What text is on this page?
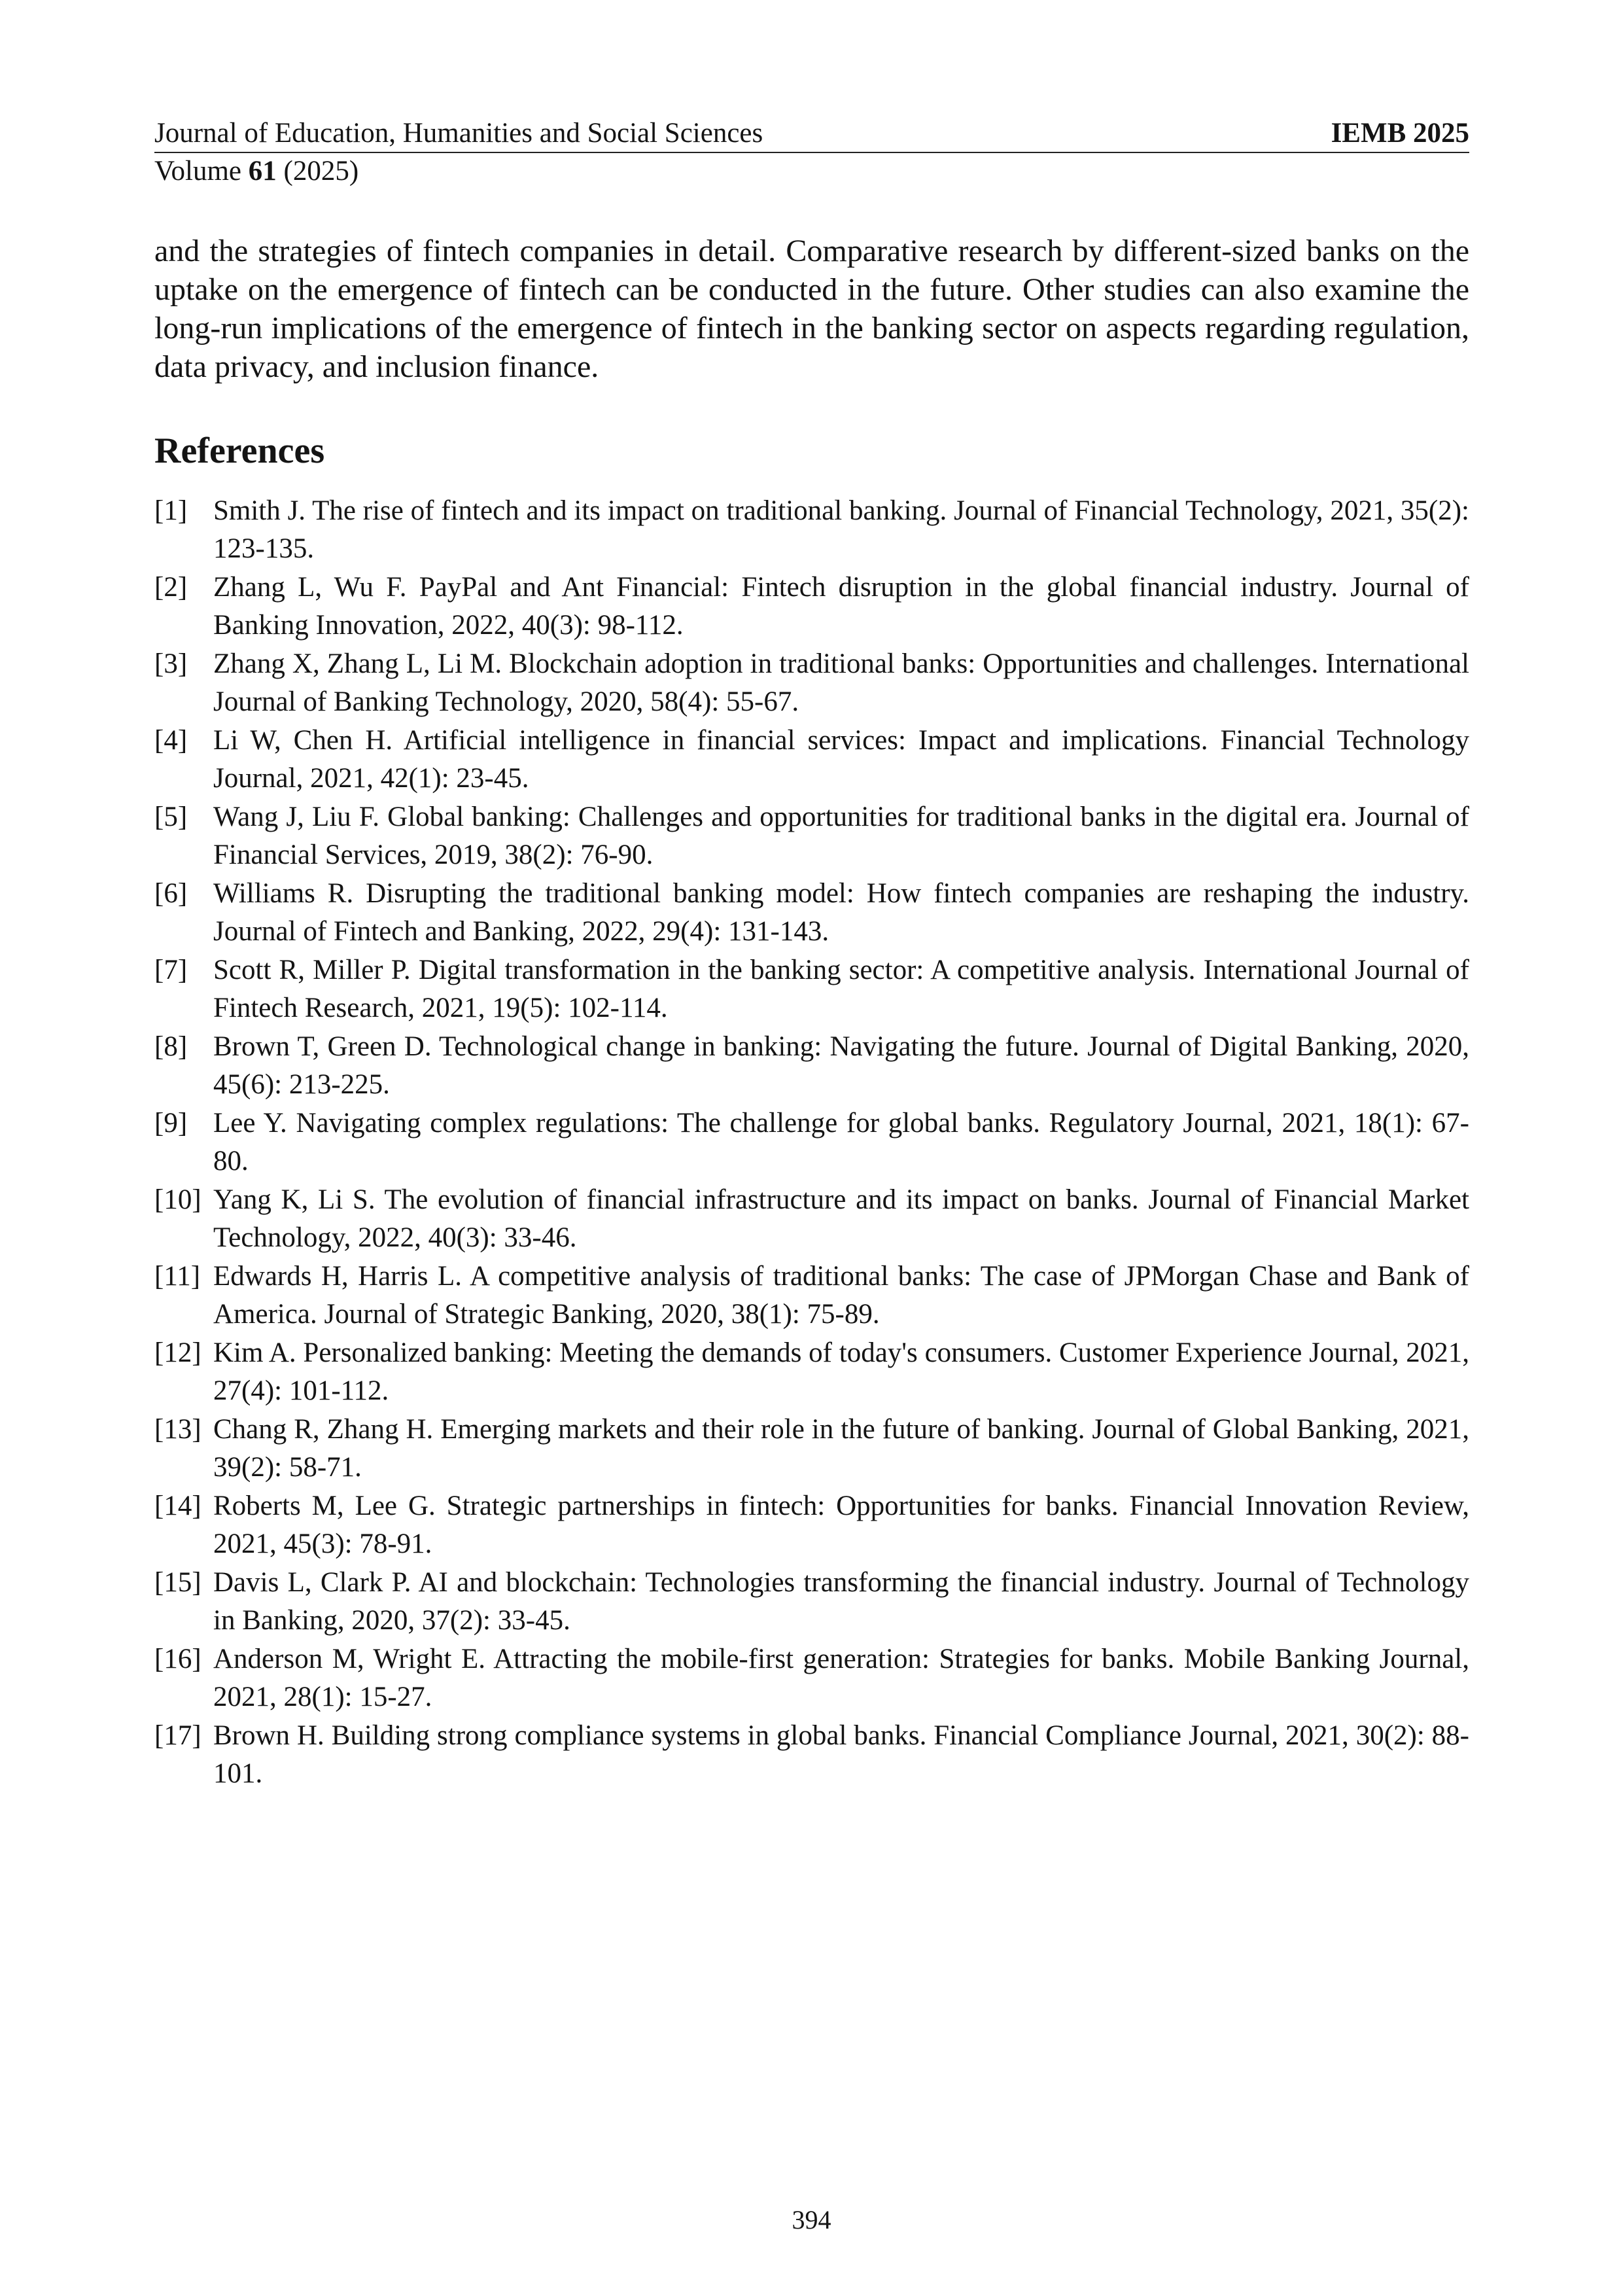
Journal of Education, Humanities and Social Sciences	IEMB 2025
Volume 61 (2025)

and the strategies of fintech companies in detail. Comparative research by different-sized banks on the uptake on the emergence of fintech can be conducted in the future. Other studies can also examine the long-run implications of the emergence of fintech in the banking sector on aspects regarding regulation, data privacy, and inclusion finance.

References
[1] Smith J. The rise of fintech and its impact on traditional banking. Journal of Financial Technology, 2021, 35(2): 123-135.
[2] Zhang L, Wu F. PayPal and Ant Financial: Fintech disruption in the global financial industry. Journal of Banking Innovation, 2022, 40(3): 98-112.
[3] Zhang X, Zhang L, Li M. Blockchain adoption in traditional banks: Opportunities and challenges. International Journal of Banking Technology, 2020, 58(4): 55-67.
[4] Li W, Chen H. Artificial intelligence in financial services: Impact and implications. Financial Technology Journal, 2021, 42(1): 23-45.
[5] Wang J, Liu F. Global banking: Challenges and opportunities for traditional banks in the digital era. Journal of Financial Services, 2019, 38(2): 76-90.
[6] Williams R. Disrupting the traditional banking model: How fintech companies are reshaping the industry. Journal of Fintech and Banking, 2022, 29(4): 131-143.
[7] Scott R, Miller P. Digital transformation in the banking sector: A competitive analysis. International Journal of Fintech Research, 2021, 19(5): 102-114.
[8] Brown T, Green D. Technological change in banking: Navigating the future. Journal of Digital Banking, 2020, 45(6): 213-225.
[9] Lee Y. Navigating complex regulations: The challenge for global banks. Regulatory Journal, 2021, 18(1): 67-80.
[10] Yang K, Li S. The evolution of financial infrastructure and its impact on banks. Journal of Financial Market Technology, 2022, 40(3): 33-46.
[11] Edwards H, Harris L. A competitive analysis of traditional banks: The case of JPMorgan Chase and Bank of America. Journal of Strategic Banking, 2020, 38(1): 75-89.
[12] Kim A. Personalized banking: Meeting the demands of today's consumers. Customer Experience Journal, 2021, 27(4): 101-112.
[13] Chang R, Zhang H. Emerging markets and their role in the future of banking. Journal of Global Banking, 2021, 39(2): 58-71.
[14] Roberts M, Lee G. Strategic partnerships in fintech: Opportunities for banks. Financial Innovation Review, 2021, 45(3): 78-91.
[15] Davis L, Clark P. AI and blockchain: Technologies transforming the financial industry. Journal of Technology in Banking, 2020, 37(2): 33-45.
[16] Anderson M, Wright E. Attracting the mobile-first generation: Strategies for banks. Mobile Banking Journal, 2021, 28(1): 15-27.
[17] Brown H. Building strong compliance systems in global banks. Financial Compliance Journal, 2021, 30(2): 88-101.
394
